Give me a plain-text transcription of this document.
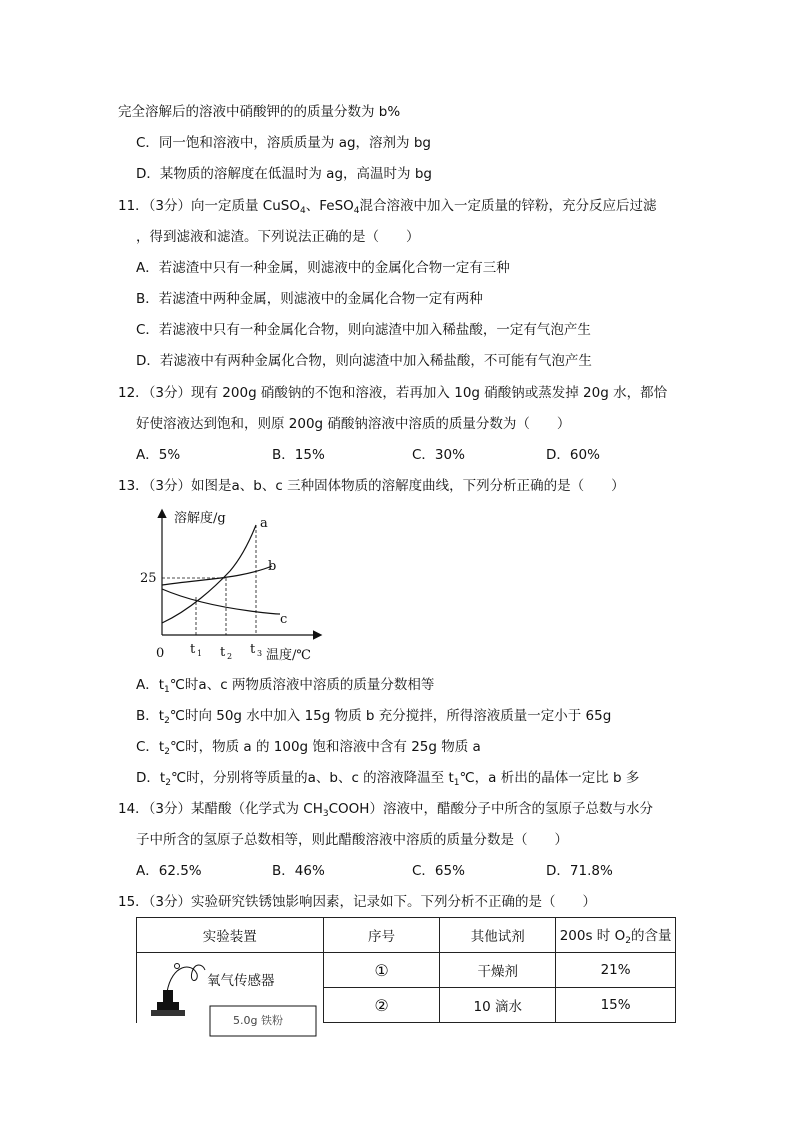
完全溶解后的溶液中硝酸钾的的质量分数为 b%
C．同一饱和溶液中，溶质质量为 ag，溶剂为 bg
D．某物质的溶解度在低温时为 ag，高温时为 bg
11．（3分）向一定质量 CuSO$_4$、FeSO$_4$混合溶液中加入一定质量的锌粉，充分反应后过滤
，得到滤液和滤渣。下列说法正确的是（　　）
A．若滤渣中只有一种金属，则滤液中的金属化合物一定有三种
B．若滤渣中两种金属，则滤液中的金属化合物一定有两种
C．若滤液中只有一种金属化合物，则向滤渣中加入稀盐酸，一定有气泡产生
D．若滤液中有两种金属化合物，则向滤渣中加入稀盐酸，不可能有气泡产生
12．（3分）现有 200g 硝酸钠的不饱和溶液，若再加入 10g 硝酸钠或蒸发掉 20g 水，都恰
好使溶液达到饱和，则原 200g 硝酸钠溶液中溶质的质量分数为（　　）
A．5%	B．15%	C．30%	D．60%
13．（3分）如图是a、b、c 三种固体物质的溶解度曲线，下列分析正确的是（　　）
溶解度/g
温度/℃
0
25
t 1 t 2 t 3
a
b
c
A．$t_1℃$时a、c 两物质溶液中溶质的质量分数相等
B．$t_2℃$时向 50g 水中加入 15g 物质 b 充分搅拌，所得溶液质量一定小于 65g
C．$t_2℃$时，物质 a 的 100g 饱和溶液中含有 25g 物质 a
D．$t_2℃$时，分别将等质量的a、b、c 的溶液降温至 $t_1℃$，a 析出的晶体一定比 b 多
14．（3分）某醋酸（化学式为 $CH_3COOH$）溶液中，醋酸分子中所含的氢原子总数与水分
子中所含的氢原子总数相等，则此醋酸溶液中溶质的质量分数是（　　）
A．62.5%	B．46%	C．65%	D．71.8%
15．（3分）实验研究铁锈蚀影响因素，记录如下。下列分析不正确的是（　　）
实验装置	序号	其他试剂	200s 时 $O_2$的含量
	①	干燥剂	21%
	②	10 滴水	15%
5.0g 铁粉
氧气传感器
